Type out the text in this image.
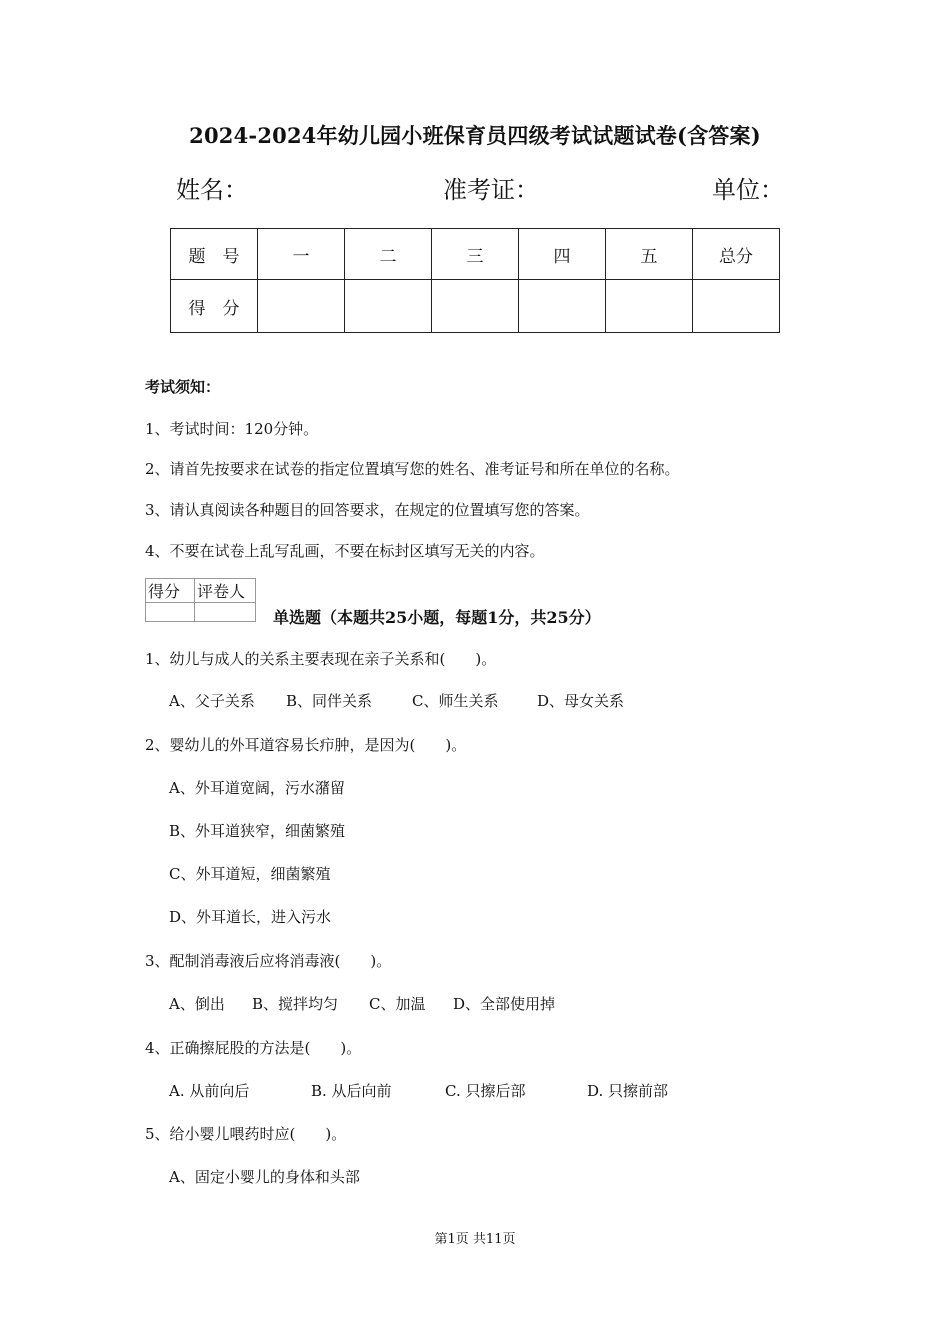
2024-2024年幼儿园小班保育员四级考试试题试卷(含答案)
姓名：	准考证：	单位：
题　号	一	二	三	四	五	总分
得　分						
考试须知：
1、考试时间：120分钟。
2、请首先按要求在试卷的指定位置填写您的姓名、准考证号和所在单位的名称。
3、请认真阅读各种题目的回答要求，在规定的位置填写您的答案。
4、不要在试卷上乱写乱画，不要在标封区填写无关的内容。
得分	评卷人

单选题（本题共25小题，每题1分，共25分）
1、幼儿与成人的关系主要表现在亲子关系和(　　)。
A、父子关系 B、同伴关系	C、师生关系	D、母女关系
2、婴幼儿的外耳道容易长疖肿，是因为(　　)。
A、外耳道宽阔，污水潴留
B、外耳道狭窄，细菌繁殖
C、外耳道短，细菌繁殖
D、外耳道长，进入污水
3、配制消毒液后应将消毒液(　　)。
A、倒出 B、搅拌均匀 C、加温 D、全部使用掉
4、正确擦屁股的方法是(　　)。
A. 从前向后	B. 从后向前	C. 只擦后部	D. 只擦前部
5、给小婴儿喂药时应(　　)。
A、固定小婴儿的身体和头部
第1页 共11页
